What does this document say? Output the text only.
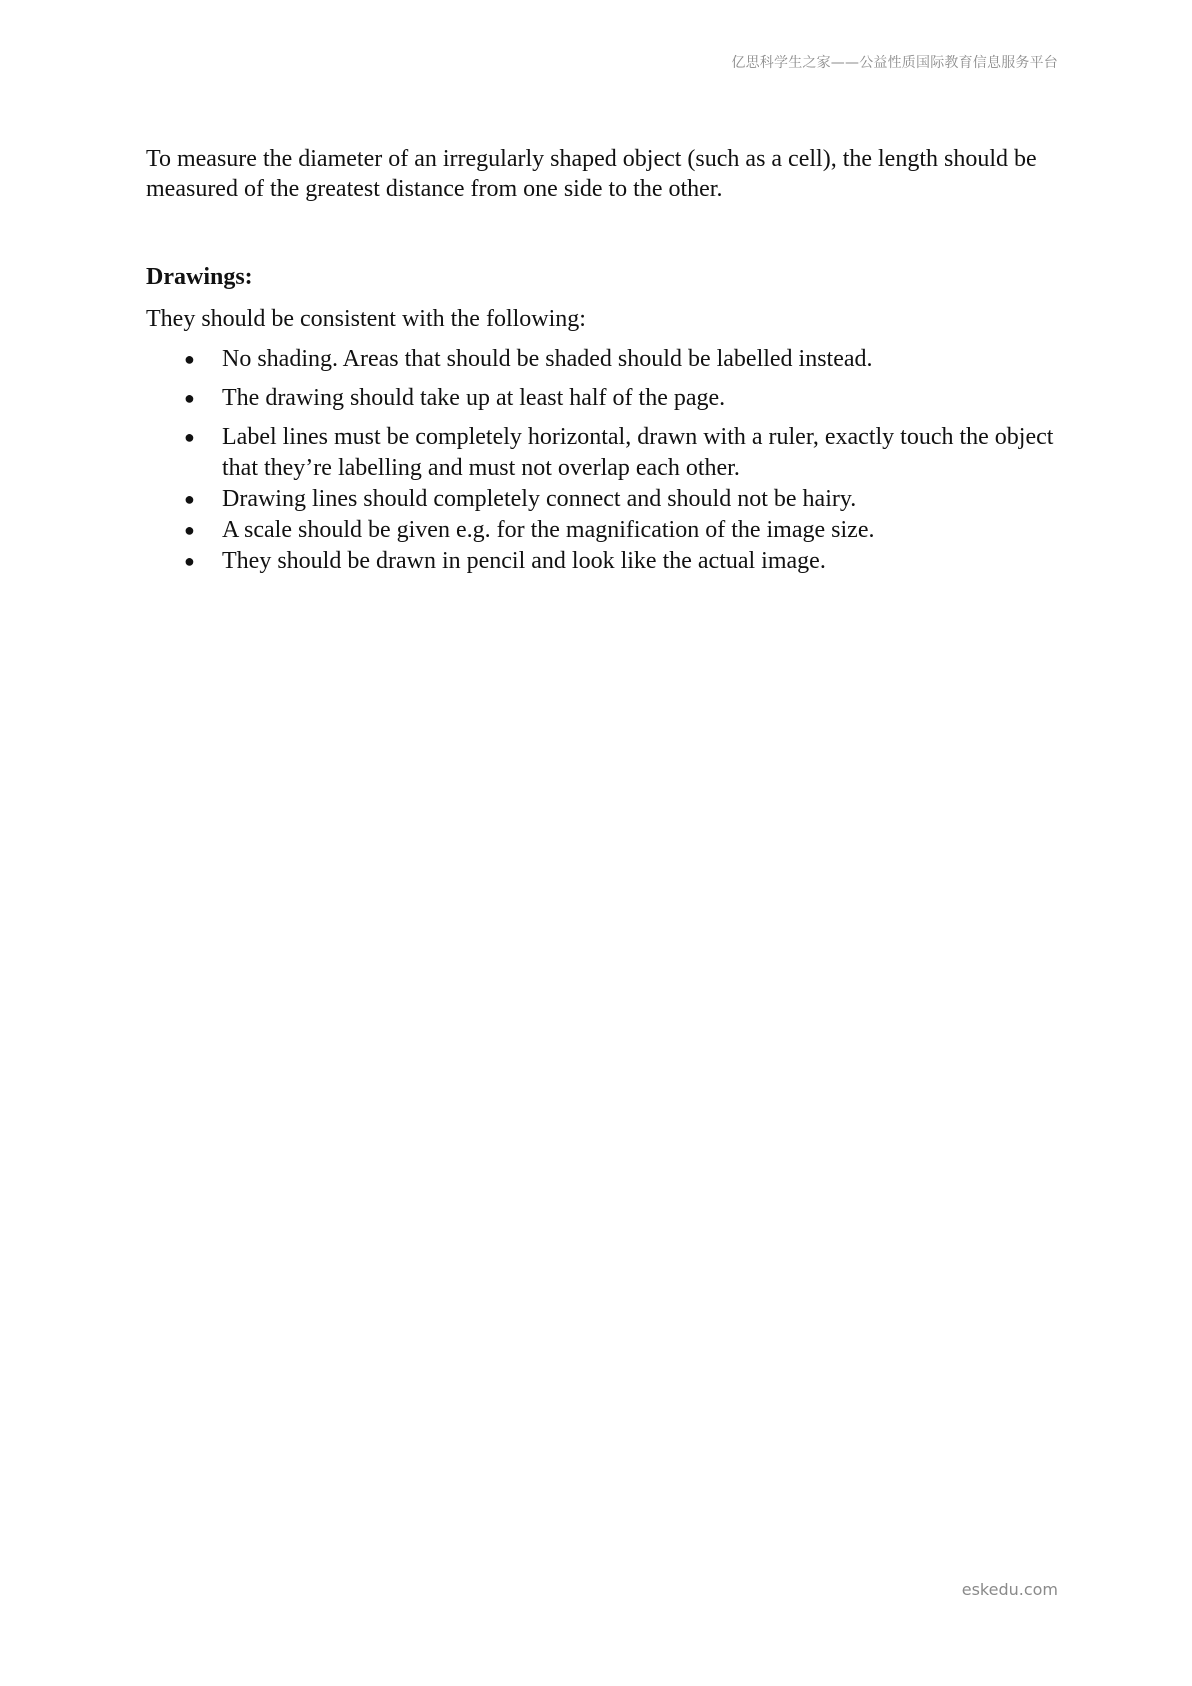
亿思科学生之家——公益性质国际教育信息服务平台

To measure the diameter of an irregularly shaped object (such as a cell), the length should be measured of the greatest distance from one side to the other.

Drawings:

They should be consistent with the following:

●	No shading. Areas that should be shaded should be labelled instead.
●	The drawing should take up at least half of the page.
●	Label lines must be completely horizontal, drawn with a ruler, exactly touch the object that they’re labelling and must not overlap each other.
●	Drawing lines should completely connect and should not be hairy.
●	A scale should be given e.g. for the magnification of the image size.
●	They should be drawn in pencil and look like the actual image.
eskedu.com
